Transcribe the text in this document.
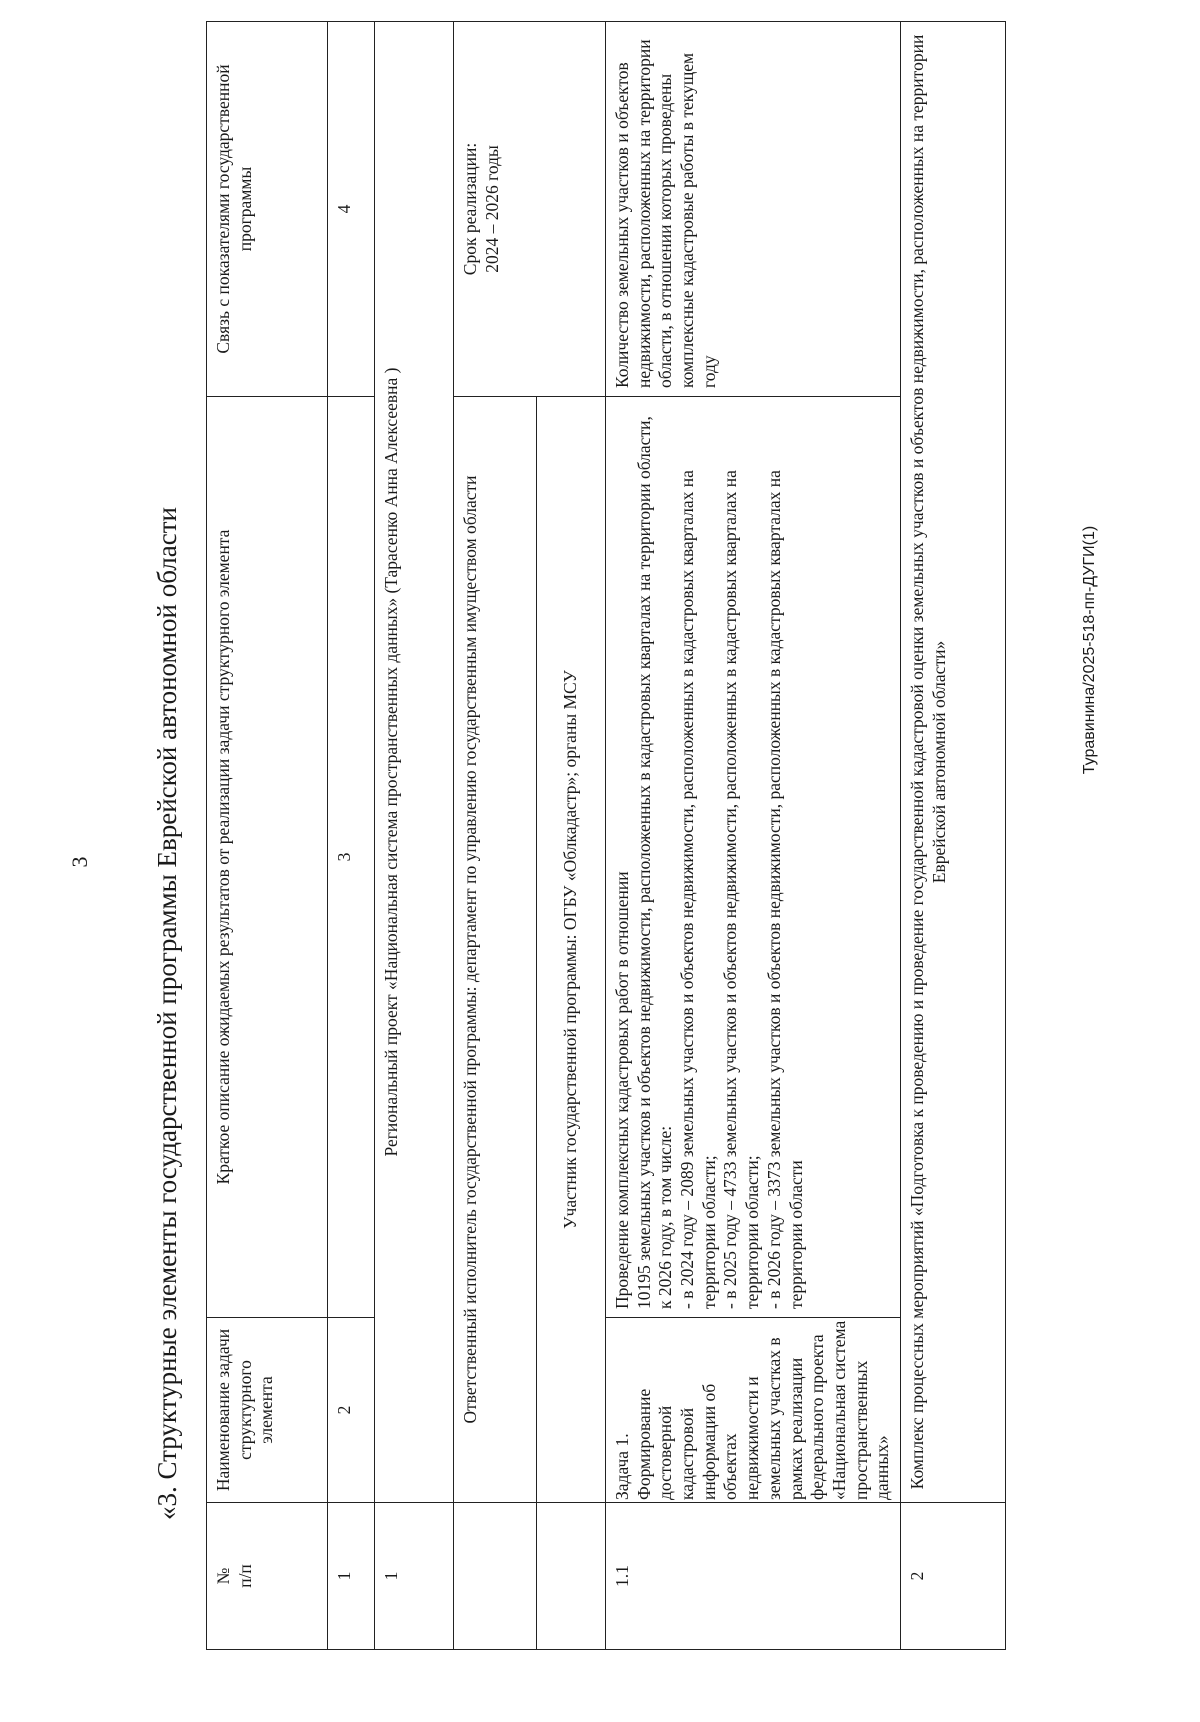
3
Туравинина/2025-518-пп-ДУГИ(1)
«3. Структурные элементы государственной программы Еврейской автономной области
№
п/п	Наименование задачи структурного элемента	Краткое описание ожидаемых результатов от реализации задачи структурного элемента	Связь с показателями государственной программы
1	2	3	4
1	Региональный проект «Национальная система пространственных данных» (Тарасенко Анна Алексеевна )		
	Ответственный исполнитель государственной программы: департамент по управлению государственным имуществом области		Срок реализации:
2024 – 2026 годы
	Участник государственной программы: ОГБУ «Облкадастр»; органы МСУ		
1.1	Задача 1. Формирование достоверной кадастровой информации об объектах недвижимости и земельных участках в рамках реализации федерального проекта «Национальная система пространственных данных»	Проведение комплексных кадастровых работ в отношении
10195 земельных участков и объектов недвижимости, расположенных в кадастровых кварталах на территории области, к 2026 году, в том числе:
- в 2024 году – 2089 земельных участков и объектов недвижимости, расположенных в кадастровых кварталах на территории области;
- в 2025 году – 4733 земельных участков и объектов недвижимости, расположенных в кадастровых кварталах на территории области;
- в 2026 году – 3373 земельных участков и объектов недвижимости, расположенных в кадастровых кварталах на территории области	Количество земельных участков и объектов недвижимости, расположенных на территории области, в отношении которых проведены комплексные кадастровые работы в текущем году
2	Комплекс процессных мероприятий «Подготовка к проведению и проведение государственной кадастровой оценки земельных участков и объектов недвижимости, расположенных на территории Еврейской автономной области»		
